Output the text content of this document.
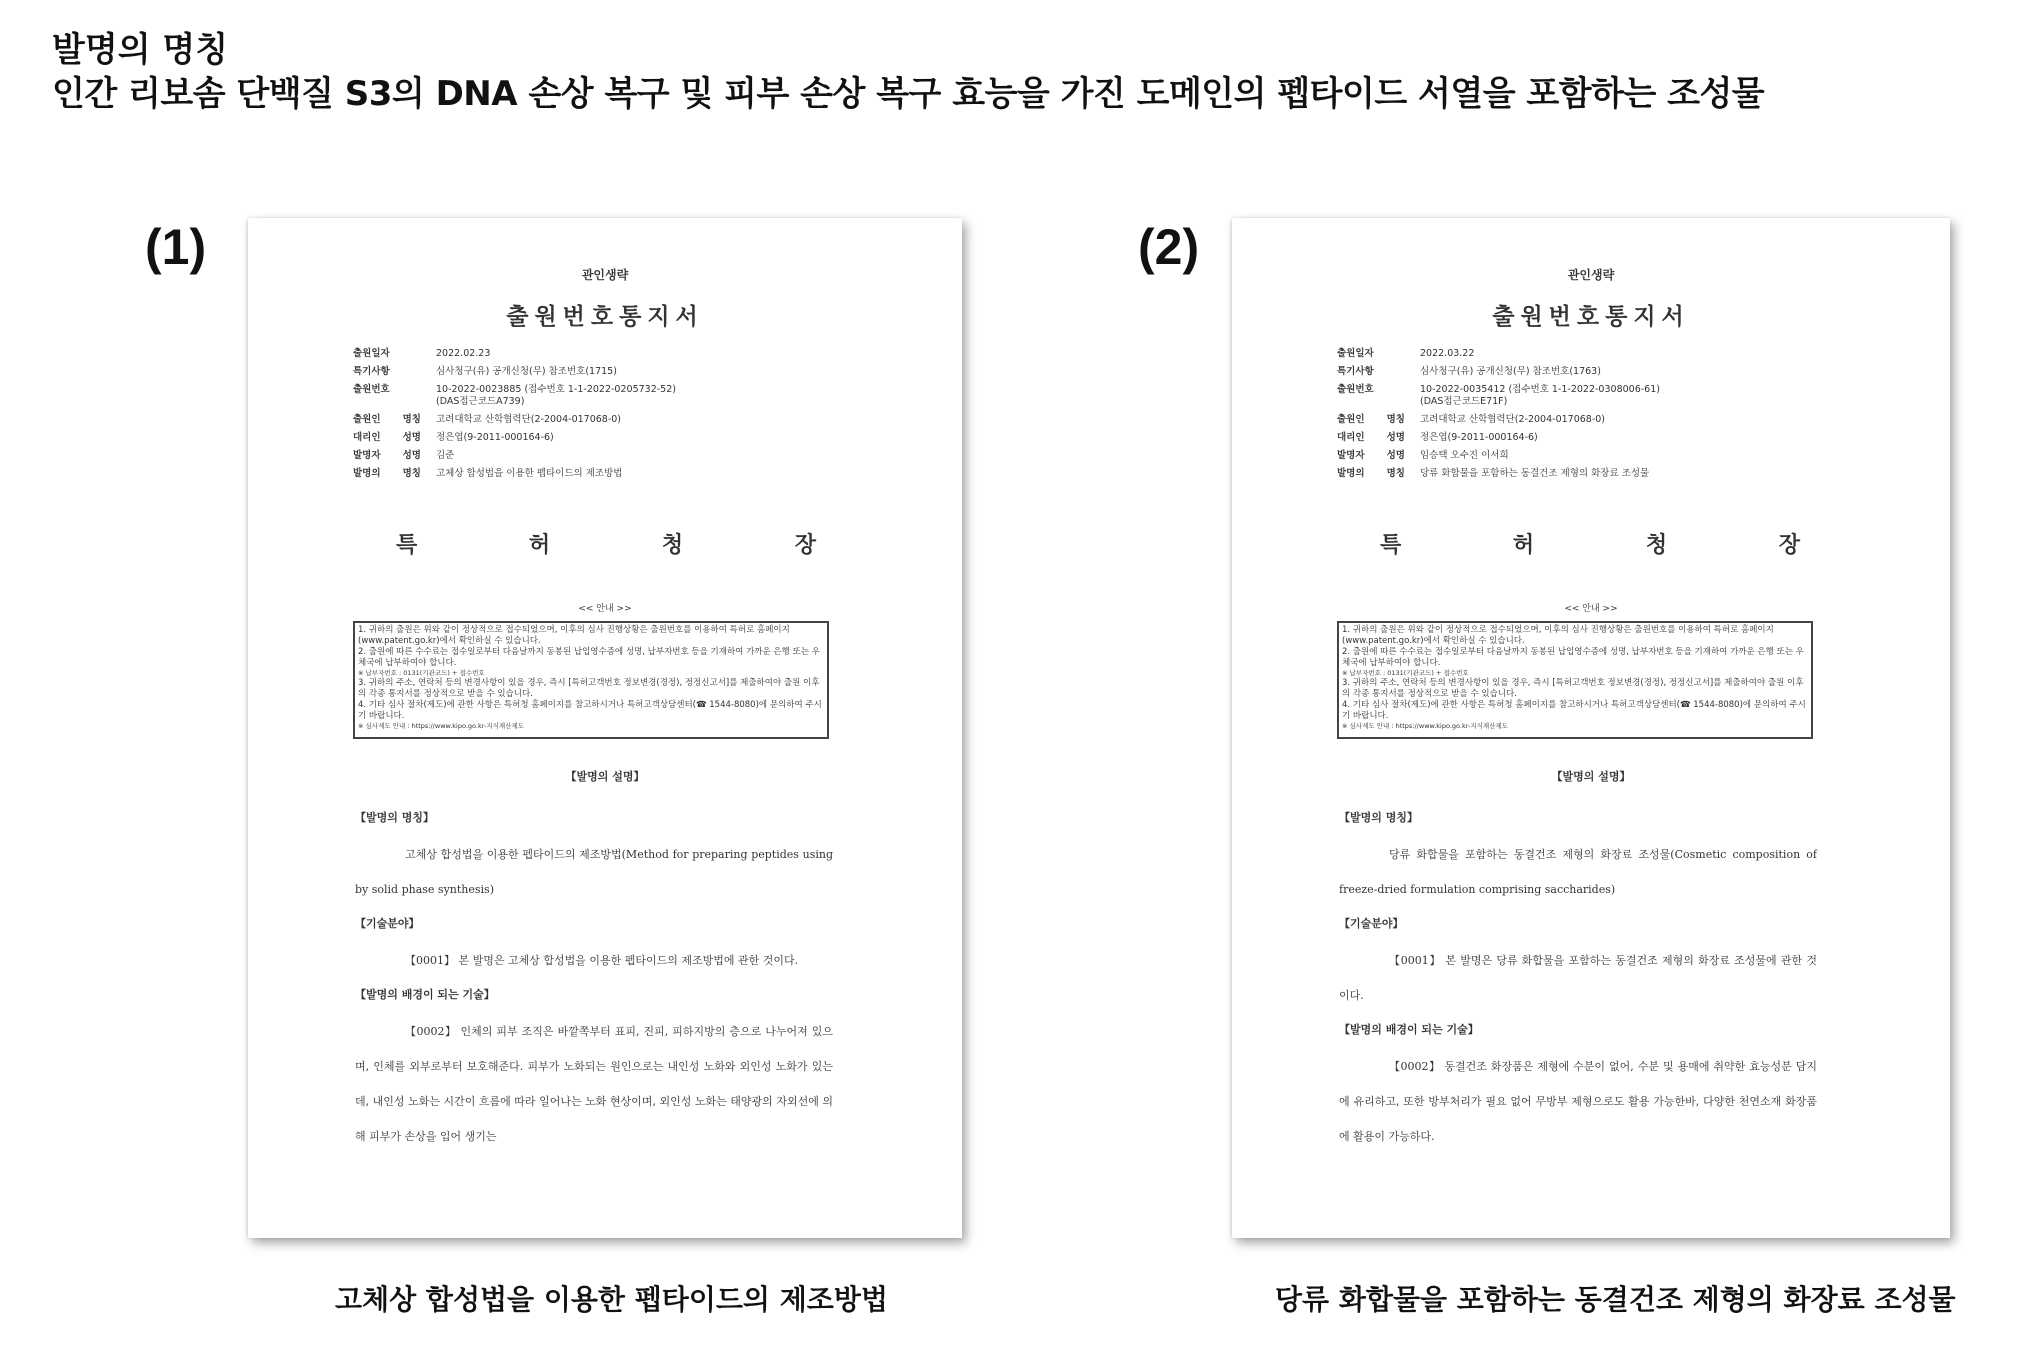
발명의 명칭
인간 리보솜 단백질 S3의 DNA 손상 복구 및 피부 손상 복구 효능을 가진 도메인의 펩타이드 서열을 포함하는 조성물
(1)	관인생략
출원번호통지서
출원일자	2022.02.23
특기사항	심사청구(유) 공개신청(무) 참조번호(1715)
출원번호	10-2022-0023885 (접수번호 1-1-2022-0205732-52)
(DAS접근코드A739)
출원인 명칭 고려대학교 산학협력단(2-2004-017068-0)
대리인 성명 정은엽(9-2011-000164-6)
발명자 성명 김준
발명의 명칭 고체상 합성법을 이용한 펩타이드의 제조방법
특	허	청	장
<< 안내 >>
1. 귀하의 출원은 위와 같이 정상적으로 접수되었으며, 이후의 심사 진행상황은 출원번호를 이용하여 특허로 홈페이지(www.patent.go.kr)에서 확인하실 수 있습니다.
2. 출원에 따른 수수료는 접수일로부터 다음날까지 동봉된 납입영수증에 성명, 납부자번호 등을 기재하여 가까운 은행 또는 우체국에 납부하여야 합니다.
※ 납부자번호 : 0131(기관코드) + 접수번호
3. 귀하의 주소, 연락처 등의 변경사항이 있을 경우, 즉시 [특허고객번호 정보변경(경정), 정정신고서]를 제출하여야 출원 이후의 각종 통지서를 정상적으로 받을 수 있습니다.
4. 기타 심사 절차(제도)에 관한 사항은 특허청 홈페이지를 참고하시거나 특허고객상담센터(☎ 1544-8080)에 문의하여 주시기 바랍니다.
※ 심사제도 안내 : https://www.kipo.go.kr-지식재산제도
【발명의 설명】
【발명의 명칭】
고체상 합성법을 이용한 펩타이드의 제조방법(Method for preparing peptides using by solid phase synthesis)
【기술분야】
【0001】 본 발명은 고체상 합성법을 이용한 펩타이드의 제조방법에 관한 것이다.
【발명의 배경이 되는 기술】
【0002】 인체의 피부 조직은 바깥쪽부터 표피, 진피, 피하지방의 층으로 나누어져 있으며, 인체를 외부로부터 보호해준다. 피부가 노화되는 원인으로는 내인성 노화와 외인성 노화가 있는데, 내인성 노화는 시간이 흐름에 따라 일어나는 노화 현상이며, 외인성 노화는 태양광의 자외선에 의해 피부가 손상을 입어 생기는
고체상 합성법을 이용한 펩타이드의 제조방법
(2)	관인생략
출원번호통지서
출원일자	2022.03.22
특기사항	심사청구(유) 공개신청(무) 참조번호(1763)
출원번호	10-2022-0035412 (접수번호 1-1-2022-0308006-61)
(DAS접근코드E71F)
출원인 명칭 고려대학교 산학협력단(2-2004-017068-0)
대리인 성명 정은엽(9-2011-000164-6)
발명자 성명 임승택 오수진 이서희
발명의 명칭 당류 화합물을 포함하는 동결건조 제형의 화장료 조성물
특	허	청	장
<< 안내 >>
1. 귀하의 출원은 위와 같이 정상적으로 접수되었으며, 이후의 심사 진행상황은 출원번호를 이용하여 특허로 홈페이지(www.patent.go.kr)에서 확인하실 수 있습니다.
2. 출원에 따른 수수료는 접수일로부터 다음날까지 동봉된 납입영수증에 성명, 납부자번호 등을 기재하여 가까운 은행 또는 우체국에 납부하여야 합니다.
※ 납부자번호 : 0131(기관코드) + 접수번호
3. 귀하의 주소, 연락처 등의 변경사항이 있을 경우, 즉시 [특허고객번호 정보변경(경정), 정정신고서]를 제출하여야 출원 이후의 각종 통지서를 정상적으로 받을 수 있습니다.
4. 기타 심사 절차(제도)에 관한 사항은 특허청 홈페이지를 참고하시거나 특허고객상담센터(☎ 1544-8080)에 문의하여 주시기 바랍니다.
※ 심사제도 안내 : https://www.kipo.go.kr-지식재산제도
【발명의 설명】
【발명의 명칭】
당류 화합물을 포함하는 동결건조 제형의 화장료 조성물(Cosmetic composition of freeze-dried formulation comprising saccharides)
【기술분야】
【0001】 본 발명은 당류 화합물을 포함하는 동결건조 제형의 화장료 조성물에 관한 것이다.
【발명의 배경이 되는 기술】
【0002】 동결건조 화장품은 제형에 수분이 없어, 수분 및 용매에 취약한 효능성분 담지에 유리하고, 또한 방부처리가 필요 없어 무방부 제형으로도 활용 가능한바, 다양한 천연소재 화장품에 활용이 가능하다.
당류 화합물을 포함하는 동결건조 제형의 화장료 조성물
